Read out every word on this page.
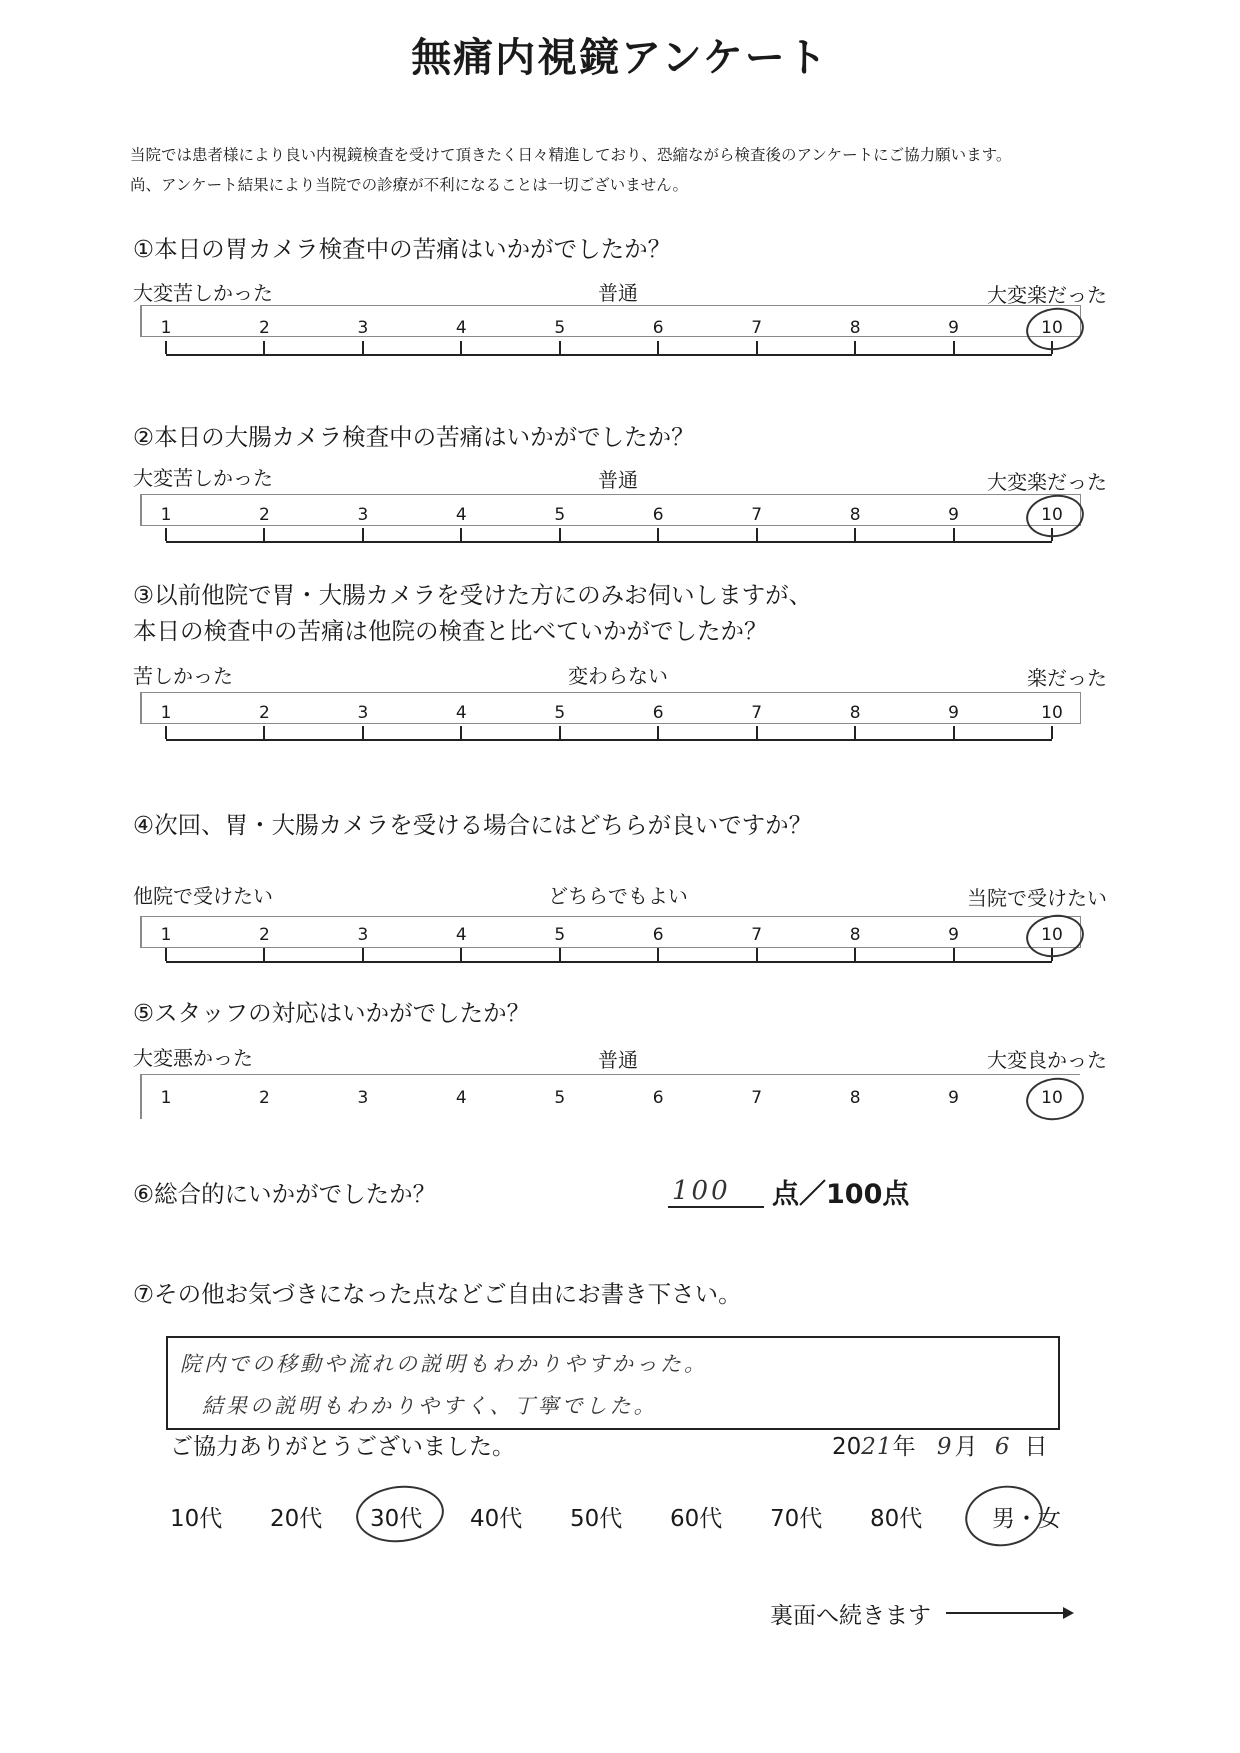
無痛内視鏡アンケート
当院では患者様により良い内視鏡検査を受けて頂きたく日々精進しており、恐縮ながら検査後のアンケートにご協力願います。
尚、アンケート結果により当院での診療が不利になることは一切ございません。
①本日の胃カメラ検査中の苦痛はいかがでしたか？
大変苦しかった	普通	大変楽だった
1	2	3	4	5	6	7	8	9	10
②本日の大腸カメラ検査中の苦痛はいかがでしたか？
大変苦しかった	普通	大変楽だった
1	2	3	4	5	6	7	8	9	10
③以前他院で胃・大腸カメラを受けた方にのみお伺いしますが、
本日の検査中の苦痛は他院の検査と比べていかがでしたか？
苦しかった	変わらない	楽だった
1	2	3	4	5	6	7	8	9	10
④次回、胃・大腸カメラを受ける場合にはどちらが良いですか？
他院で受けたい	どちらでもよい	当院で受けたい
1	2	3	4	5	6	7	8	9	10
⑤スタッフの対応はいかがでしたか？
大変悪かった	普通	大変良かった
1	2	3	4	5	6	7	8	9	10
⑥総合的にいかがでしたか？	100	点／100点
⑦その他お気づきになった点などご自由にお書き下さい。
院内での移動や流れの説明もわかりやすかった。
結果の説明もわかりやすく、丁寧でした。
ご協力ありがとうございました。	2021年 9月 6 日
10代 20代 30代 40代 50代 60代 70代 80代	男・女
裏面へ続きます
